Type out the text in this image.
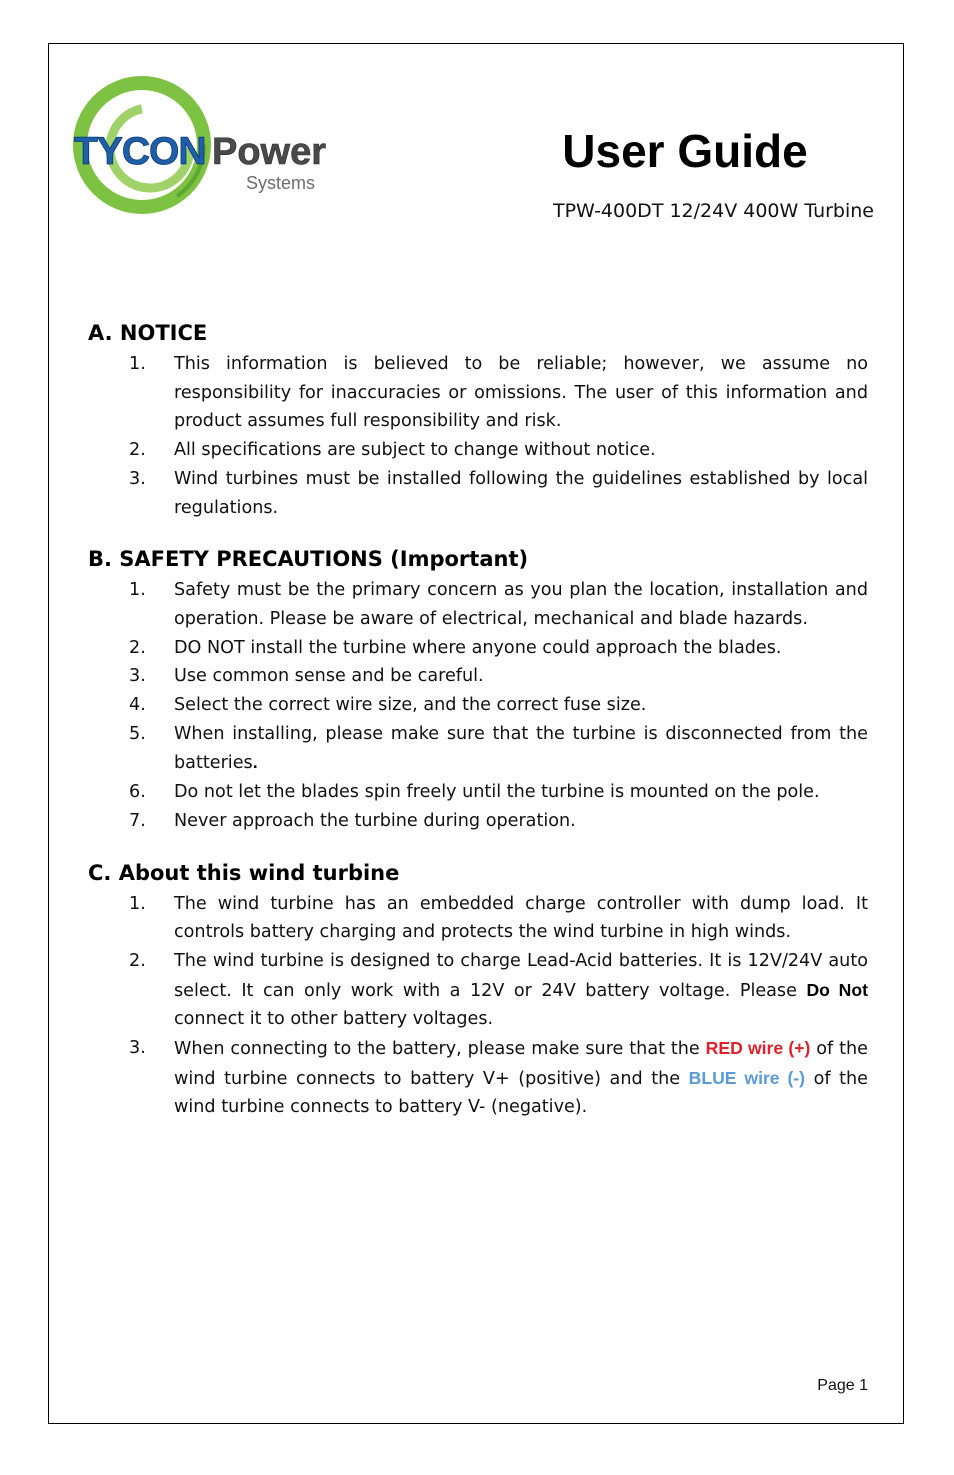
TYCON Power
Systems
User Guide
TPW-400DT 12/24V 400W Turbine
A. NOTICE
1. This information is believed to be reliable; however, we assume no responsibility for inaccuracies or omissions. The user of this information and product assumes full responsibility and risk.
2. All specifications are subject to change without notice.
3. Wind turbines must be installed following the guidelines established by local regulations.
B. SAFETY PRECAUTIONS (Important)
1. Safety must be the primary concern as you plan the location, installation and operation. Please be aware of electrical, mechanical and blade hazards.
2. DO NOT install the turbine where anyone could approach the blades.
3. Use common sense and be careful.
4. Select the correct wire size, and the correct fuse size.
5. When installing, please make sure that the turbine is disconnected from the batteries.
6. Do not let the blades spin freely until the turbine is mounted on the pole.
7. Never approach the turbine during operation.
C. About this wind turbine
1. The wind turbine has an embedded charge controller with dump load. It controls battery charging and protects the wind turbine in high winds.
2. The wind turbine is designed to charge Lead-Acid batteries. It is 12V/24V auto select. It can only work with a 12V or 24V battery voltage. Please Do Not connect it to other battery voltages.
3. When connecting to the battery, please make sure that the RED wire (+) of the wind turbine connects to battery V+ (positive) and the BLUE wire (-) of the wind turbine connects to battery V- (negative).
Page 1
